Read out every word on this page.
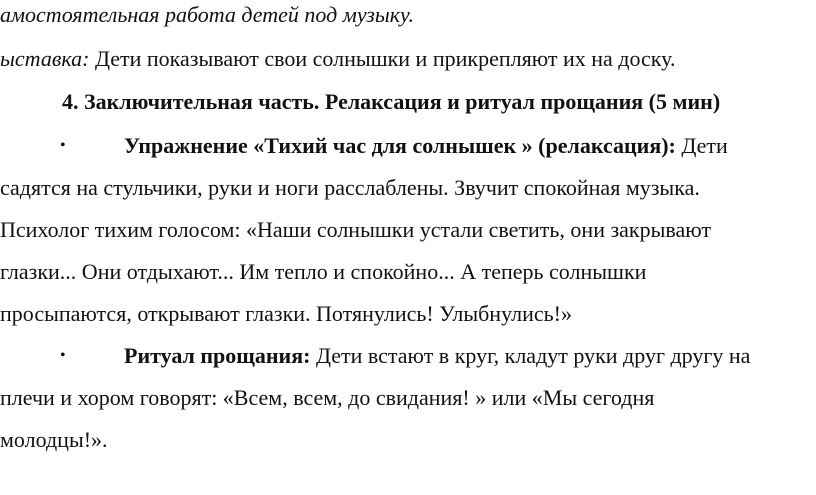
амостоятельная работа детей под музыку.
ыставка: Дети показывают свои солнышки и прикрепляют их на доску.
4. Заключительная часть. Релаксация и ритуал прощания (5 мин)
•	Упражнение «Тихий час для солнышек » (релаксация): Дети
садятся на стульчики, руки и ноги расслаблены. Звучит спокойная музыка.
Психолог тихим голосом: «Наши солнышки устали светить, они закрывают
глазки... Они отдыхают... Им тепло и спокойно... А теперь солнышки
просыпаются, открывают глазки. Потянулись! Улыбнулись!»
•	Ритуал прощания: Дети встают в круг, кладут руки друг другу на
плечи и хором говорят: «Всем, всем, до свидания! » или «Мы сегодня
молодцы!».
